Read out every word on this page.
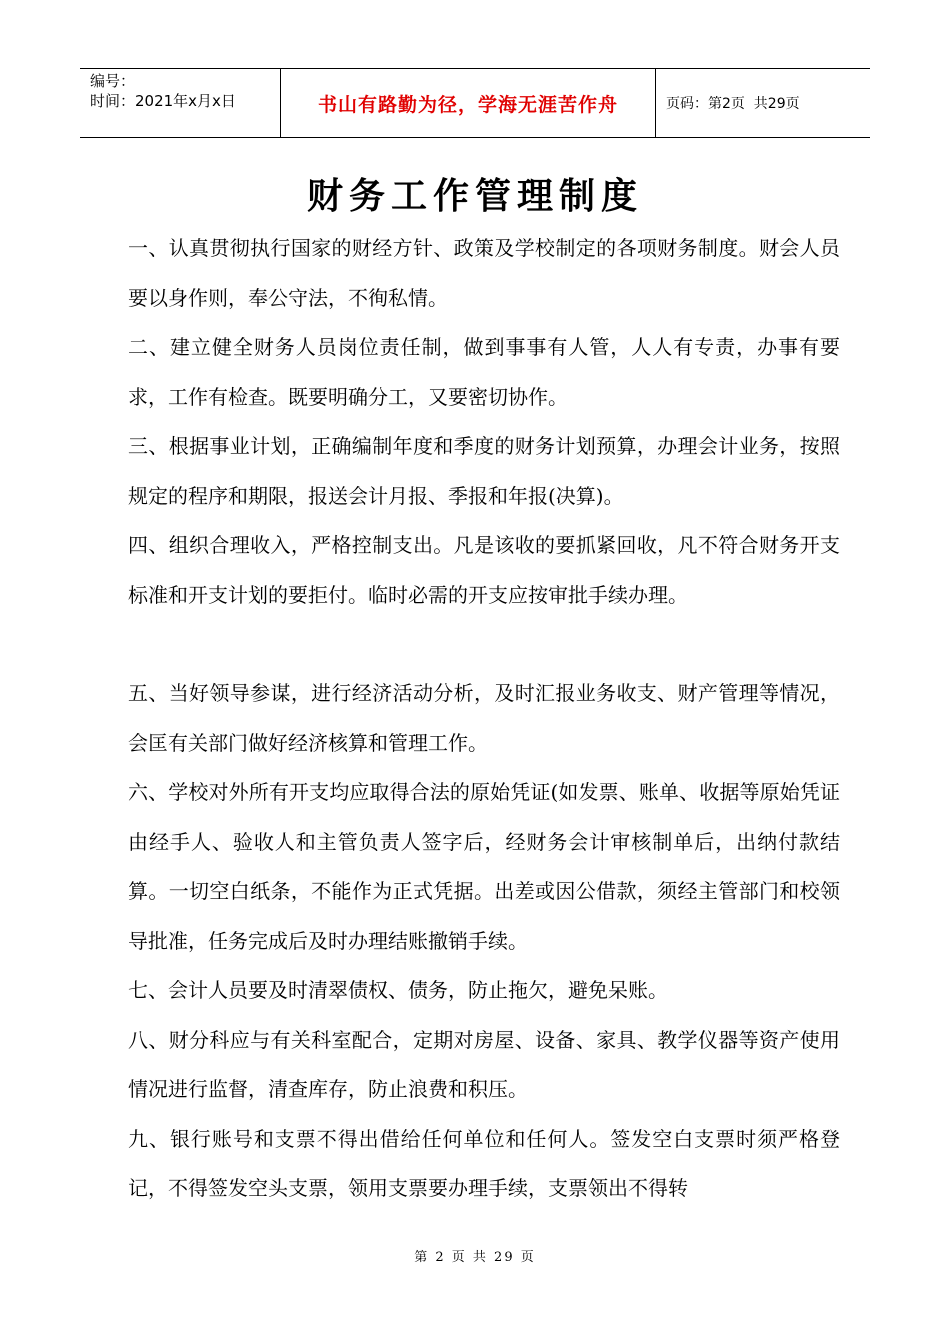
编号：
时间：2021年x月x日	书山有路勤为径，学海无涯苦作舟	页码：第2页  共29页
财务工作管理制度

一、认真贯彻执行国家的财经方针、政策及学校制定的各项财务制度。财会人员要以身作则，奉公守法，不徇私情。

二、建立健全财务人员岗位责任制，做到事事有人管，人人有专责，办事有要求，工作有检查。既要明确分工，又要密切协作。

三、根据事业计划，正确编制年度和季度的财务计划预算，办理会计业务，按照规定的程序和期限，报送会计月报、季报和年报(决算)。

四、组织合理收入，严格控制支出。凡是该收的要抓紧回收，凡不符合财务开支标准和开支计划的要拒付。临时必需的开支应按审批手续办理。

五、当好领导参谋，进行经济活动分析，及时汇报业务收支、财产管理等情况，会匡有关部门做好经济核算和管理工作。

六、学校对外所有开支均应取得合法的原始凭证(如发票、账单、收据等原始凭证由经手人、验收人和主管负责人签字后，经财务会计审核制单后，出纳付款结算。一切空白纸条，不能作为正式凭据。出差或因公借款，须经主管部门和校领导批准，任务完成后及时办理结账撤销手续。

七、会计人员要及时清翠债权、债务，防止拖欠，避免呆账。

八、财分科应与有关科室配合，定期对房屋、设备、家具、教学仪器等资产使用情况进行监督，清查库存，防止浪费和积压。

九、银行账号和支票不得出借给任何单位和任何人。签发空白支票时须严格登记，不得签发空头支票，领用支票要办理手续，支票领出不得转

第 2 页 共 29 页
